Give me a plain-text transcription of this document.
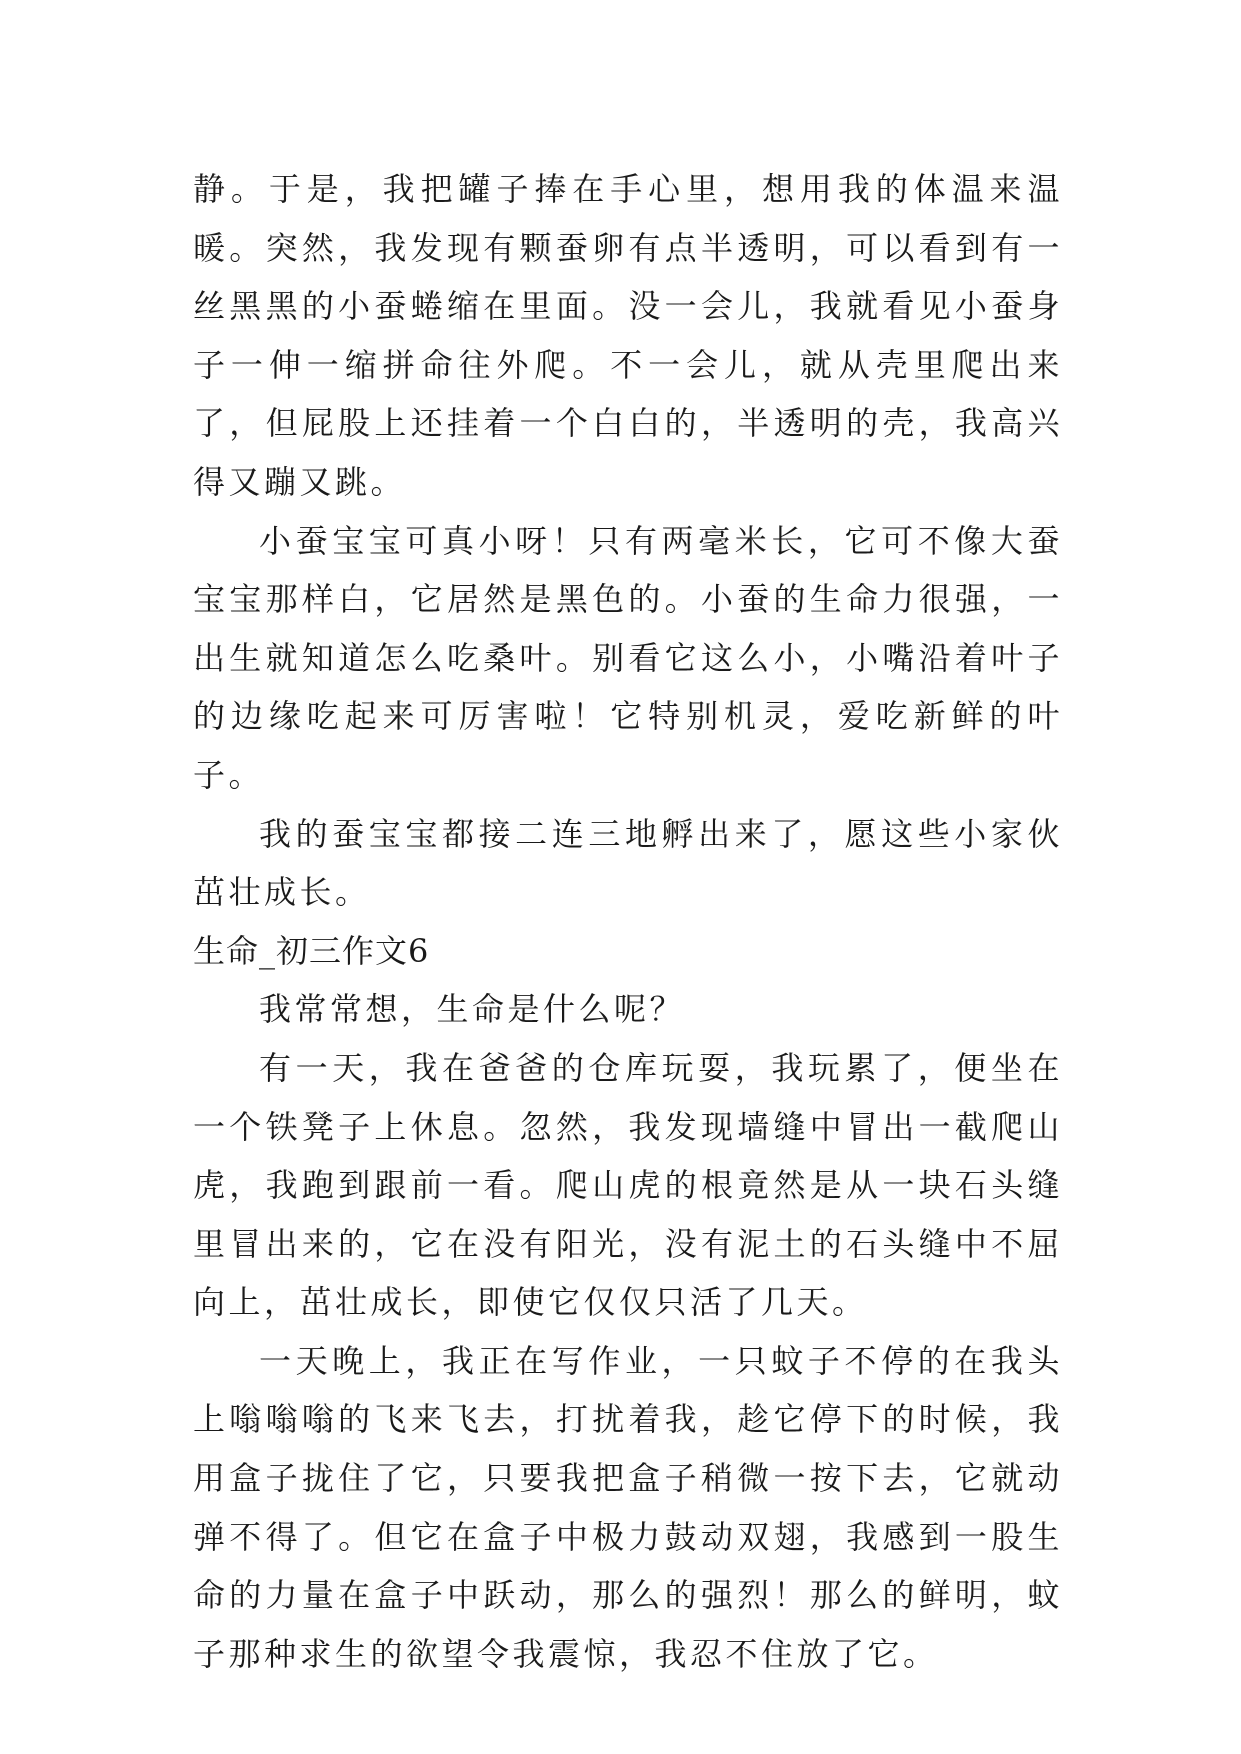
静。于是，我把罐子捧在手心里，想用我的体温来温暖。突然，我发现有颗蚕卵有点半透明，可以看到有一丝黑黑的小蚕蜷缩在里面。没一会儿，我就看见小蚕身子一伸一缩拼命往外爬。不一会儿，就从壳里爬出来了，但屁股上还挂着一个白白的，半透明的壳，我高兴得又蹦又跳。

小蚕宝宝可真小呀！只有两毫米长，它可不像大蚕宝宝那样白，它居然是黑色的。小蚕的生命力很强，一出生就知道怎么吃桑叶。别看它这么小，小嘴沿着叶子的边缘吃起来可厉害啦！它特别机灵，爱吃新鲜的叶子。

我的蚕宝宝都接二连三地孵出来了，愿这些小家伙茁壮成长。

生命_初三作文6

我常常想，生命是什么呢？

有一天，我在爸爸的仓库玩耍，我玩累了，便坐在一个铁凳子上休息。忽然，我发现墙缝中冒出一截爬山虎，我跑到跟前一看。爬山虎的根竟然是从一块石头缝里冒出来的，它在没有阳光，没有泥土的石头缝中不屈向上，茁壮成长，即使它仅仅只活了几天。

一天晚上，我正在写作业，一只蚊子不停的在我头上嗡嗡嗡的飞来飞去，打扰着我，趁它停下的时候，我用盒子拢住了它，只要我把盒子稍微一按下去，它就动弹不得了。但它在盒子中极力鼓动双翅，我感到一股生命的力量在盒子中跃动，那么的强烈！那么的鲜明，蚊子那种求生的欲望令我震惊，我忍不住放了它。
